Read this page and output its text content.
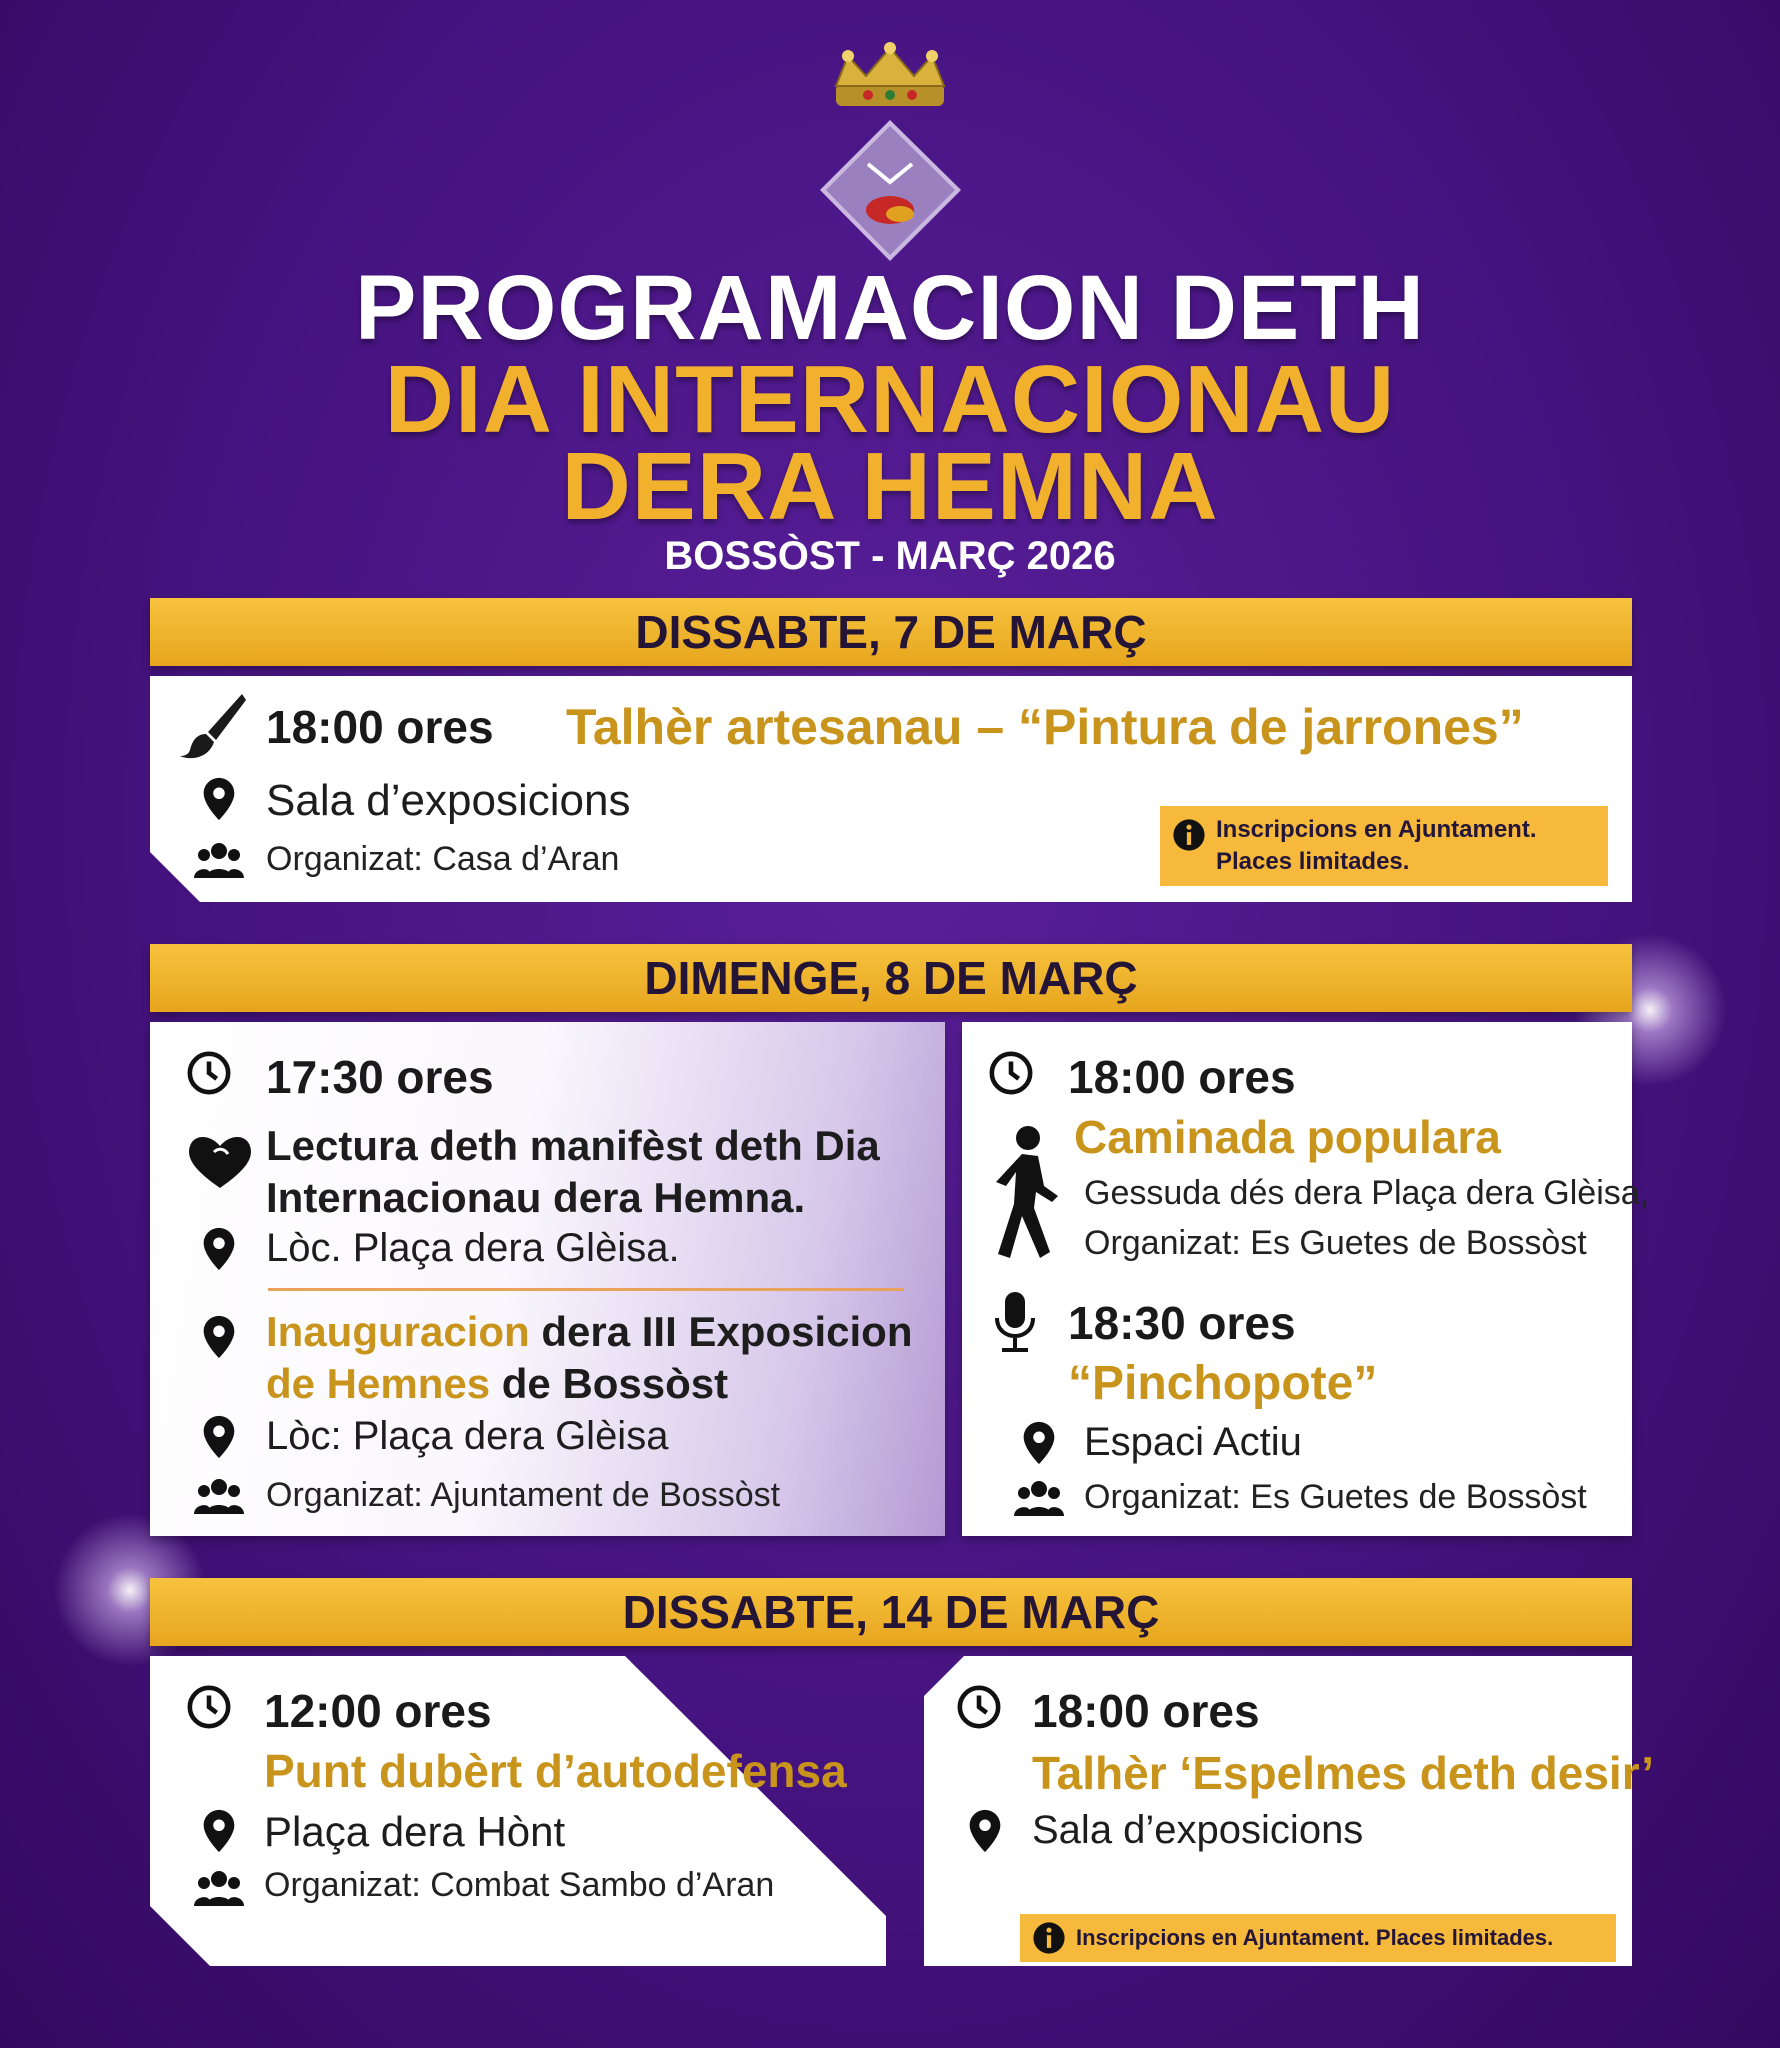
PROGRAMACION DETH
DIA INTERNACIONAU
DERA HEMNA
BOSSÒST - MARÇ 2026
DISSABTE, 7 DE MARÇ
18:00 ores Talhèr artesanau – “Pintura de jarrones”
Sala d’exposicions
Organizat: Casa d’Aran
Inscripcions en Ajuntament.
Places limitades.
DIMENGE, 8 DE MARÇ
17:30 ores
Lectura deth manifèst deth Dia
Internacionau dera Hemna.
Lòc. Plaça dera Glèisa.
Inauguracion dera III Exposicion
de Hemnes de Bossòst
Lòc: Plaça dera Glèisa
Organizat: Ajuntament de Bossòst
18:00 ores
Caminada populara
Gessuda dés dera Plaça dera Glèisa,
Organizat: Es Guetes de Bossòst
18:30 ores
“Pinchopote”
Espaci Actiu
Organizat: Es Guetes de Bossòst
DISSABTE, 14 DE MARÇ
12:00 ores
Punt dubèrt d’autodefensa
Plaça dera Hònt
Organizat: Combat Sambo d’Aran
18:00 ores
Talhèr ‘Espelmes deth desir’
Sala d’exposicions
Inscripcions en Ajuntament. Places limitades.
